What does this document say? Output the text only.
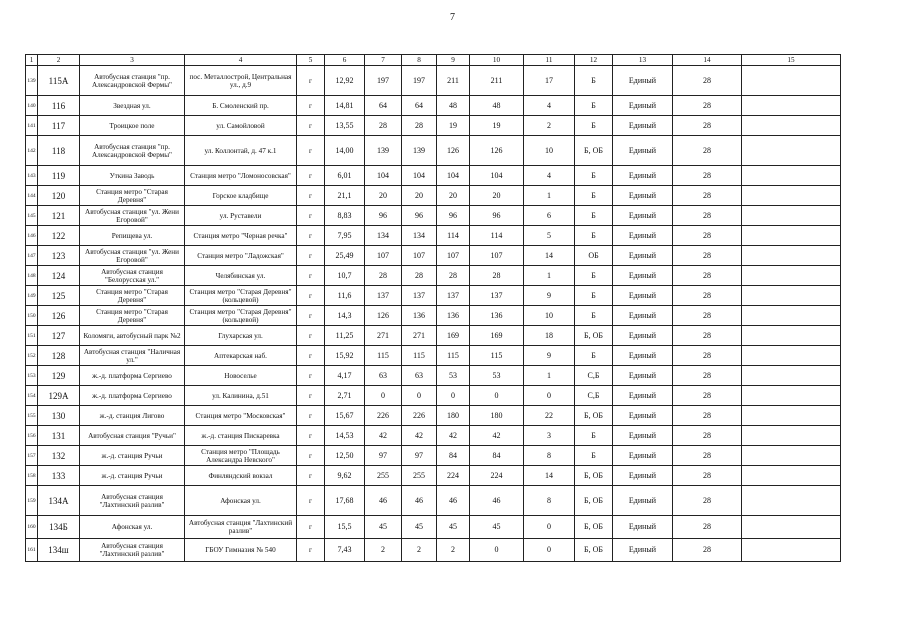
7
1	2	3	4	5	6	7	8	9	10	11	12	13	14	15
139	115А	Автобусная станция "пр. Александровской Фермы"	пос. Металлострой, Центральная ул., д.9	г	12,92	197	197	211	211	17	Б	Единый	28	
140	116	Звездная ул.	Б. Смоленский пр.	г	14,81	64	64	48	48	4	Б	Единый	28	
141	117	Троицкое поле	ул. Самойловой	г	13,55	28	28	19	19	2	Б	Единый	28	
142	118	Автобусная станция "пр. Александровской Фермы"	ул. Коллонтай, д. 47 к.1	г	14,00	139	139	126	126	10	Б, ОБ	Единый	28	
143	119	Уткина Заводь	Станция метро "Ломоносовская"	г	6,01	104	104	104	104	4	Б	Единый	28	
144	120	Станция метро "Старая Деревня"	Горское кладбище	г	21,1	20	20	20	20	1	Б	Единый	28	
145	121	Автобусная станция "ул. Жени Егоровой"	ул. Руставели	г	8,83	96	96	96	96	6	Б	Единый	28	
146	122	Репищева ул.	Станция метро "Черная речка"	г	7,95	134	134	114	114	5	Б	Единый	28	
147	123	Автобусная станция "ул. Жени Егоровой"	Станция метро "Ладожская"	г	25,49	107	107	107	107	14	ОБ	Единый	28	
148	124	Автобусная станция "Белорусская ул."	Челябинская ул.	г	10,7	28	28	28	28	1	Б	Единый	28	
149	125	Станция метро "Старая Деревня"	Станция метро "Старая Деревня" (кольцевой)	г	11,6	137	137	137	137	9	Б	Единый	28	
150	126	Станция метро "Старая Деревня"	Станция метро "Старая Деревня" (кольцевой)	г	14,3	126	136	136	136	10	Б	Единый	28	
151	127	Коломяги, автобусный парк №2	Глухарская ул.	г	11,25	271	271	169	169	18	Б, ОБ	Единый	28	
152	128	Автобусная станция "Наличная ул."	Аптекарская наб.	г	15,92	115	115	115	115	9	Б	Единый	28	
153	129	ж.-д. платформа Сергиево	Новоселье	г	4,17	63	63	53	53	1	С,Б	Единый	28	
154	129А	ж.-д. платформа Сергиево	ул. Калинина, д.51	г	2,71	0	0	0	0	0	С,Б	Единый	28	
155	130	ж.-д. станция Лигово	Станция метро "Московская"	г	15,67	226	226	180	180	22	Б, ОБ	Единый	28	
156	131	Автобусная станция "Ручьи"	ж.-д. станция Пискаревка	г	14,53	42	42	42	42	3	Б	Единый	28	
157	132	ж.-д. станция Ручьи	Станция метро "Площадь Александра Невского"	г	12,50	97	97	84	84	8	Б	Единый	28	
158	133	ж.-д. станция Ручьи	Финляндский вокзал	г	9,62	255	255	224	224	14	Б, ОБ	Единый	28	
159	134А	Автобусная станция "Лахтинский разлив"	Афонская ул.	г	17,68	46	46	46	46	8	Б, ОБ	Единый	28	
160	134Б	Афонская ул.	Автобусная станция "Лахтинский разлив"	г	15,5	45	45	45	45	0	Б, ОБ	Единый	28	
161	134ш	Автобусная станция "Лахтинский разлив"	ГБОУ Гимназия № 540	г	7,43	2	2	2	0	0	Б, ОБ	Единый	28	
